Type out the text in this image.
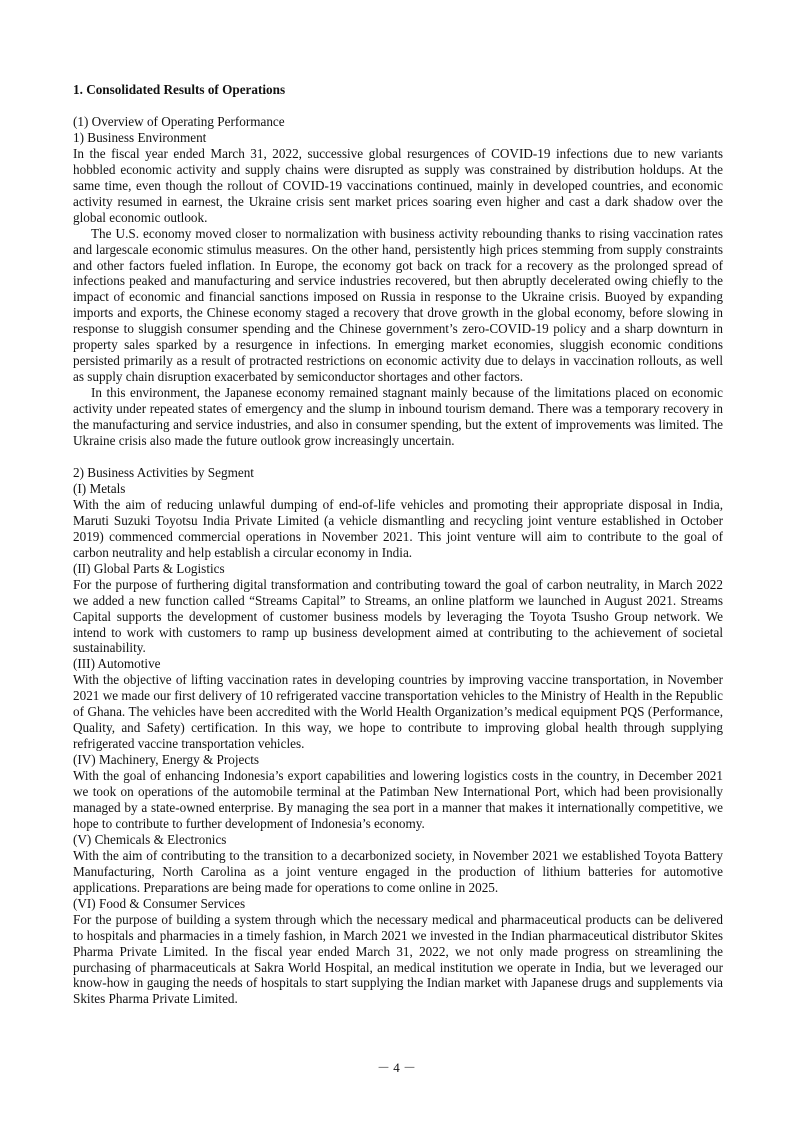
1. Consolidated Results of Operations

(1) Overview of Operating Performance

1) Business Environment

In the fiscal year ended March 31, 2022, successive global resurgences of COVID-19 infections due to new variants hobbled economic activity and supply chains were disrupted as supply was constrained by distribution holdups. At the same time, even though the rollout of COVID-19 vaccinations continued, mainly in developed countries, and economic activity resumed in earnest, the Ukraine crisis sent market prices soaring even higher and cast a dark shadow over the global economic outlook.

The U.S. economy moved closer to normalization with business activity rebounding thanks to rising vaccination rates and largescale economic stimulus measures. On the other hand, persistently high prices stemming from supply constraints and other factors fueled inflation. In Europe, the economy got back on track for a recovery as the prolonged spread of infections peaked and manufacturing and service industries recovered, but then abruptly decelerated owing chiefly to the impact of economic and financial sanctions imposed on Russia in response to the Ukraine crisis. Buoyed by expanding imports and exports, the Chinese economy staged a recovery that drove growth in the global economy, before slowing in response to sluggish consumer spending and the Chinese government’s zero-COVID-19 policy and a sharp downturn in property sales sparked by a resurgence in infections. In emerging market economies, sluggish economic conditions persisted primarily as a result of protracted restrictions on economic activity due to delays in vaccination rollouts, as well as supply chain disruption exacerbated by semiconductor shortages and other factors.

In this environment, the Japanese economy remained stagnant mainly because of the limitations placed on economic activity under repeated states of emergency and the slump in inbound tourism demand. There was a temporary recovery in the manufacturing and service industries, and also in consumer spending, but the extent of improvements was limited. The Ukraine crisis also made the future outlook grow increasingly uncertain.

2) Business Activities by Segment

(I) Metals

With the aim of reducing unlawful dumping of end-of-life vehicles and promoting their appropriate disposal in India, Maruti Suzuki Toyotsu India Private Limited (a vehicle dismantling and recycling joint venture established in October 2019) commenced commercial operations in November 2021. This joint venture will aim to contribute to the goal of carbon neutrality and help establish a circular economy in India.

(II) Global Parts & Logistics

For the purpose of furthering digital transformation and contributing toward the goal of carbon neutrality, in March 2022 we added a new function called “Streams Capital” to Streams, an online platform we launched in August 2021. Streams Capital supports the development of customer business models by leveraging the Toyota Tsusho Group network. We intend to work with customers to ramp up business development aimed at contributing to the achievement of societal sustainability.

(III) Automotive

With the objective of lifting vaccination rates in developing countries by improving vaccine transportation, in November 2021 we made our first delivery of 10 refrigerated vaccine transportation vehicles to the Ministry of Health in the Republic of Ghana. The vehicles have been accredited with the World Health Organization’s medical equipment PQS (Performance, Quality, and Safety) certification. In this way, we hope to contribute to improving global health through supplying refrigerated vaccine transportation vehicles.

(IV) Machinery, Energy & Projects

With the goal of enhancing Indonesia’s export capabilities and lowering logistics costs in the country, in December 2021 we took on operations of the automobile terminal at the Patimban New International Port, which had been provisionally managed by a state-owned enterprise. By managing the sea port in a manner that makes it internationally competitive, we hope to contribute to further development of Indonesia’s economy.

(V) Chemicals & Electronics

With the aim of contributing to the transition to a decarbonized society, in November 2021 we established Toyota Battery Manufacturing, North Carolina as a joint venture engaged in the production of lithium batteries for automotive applications. Preparations are being made for operations to come online in 2025.

(VI) Food & Consumer Services

For the purpose of building a system through which the necessary medical and pharmaceutical products can be delivered to hospitals and pharmacies in a timely fashion, in March 2021 we invested in the Indian pharmaceutical distributor Skites Pharma Private Limited. In the fiscal year ended March 31, 2022, we not only made progress on streamlining the purchasing of pharmaceuticals at Sakra World Hospital, an medical institution we operate in India, but we leveraged our know-how in gauging the needs of hospitals to start supplying the Indian market with Japanese drugs and supplements via Skites Pharma Private Limited.

－ 4 －
